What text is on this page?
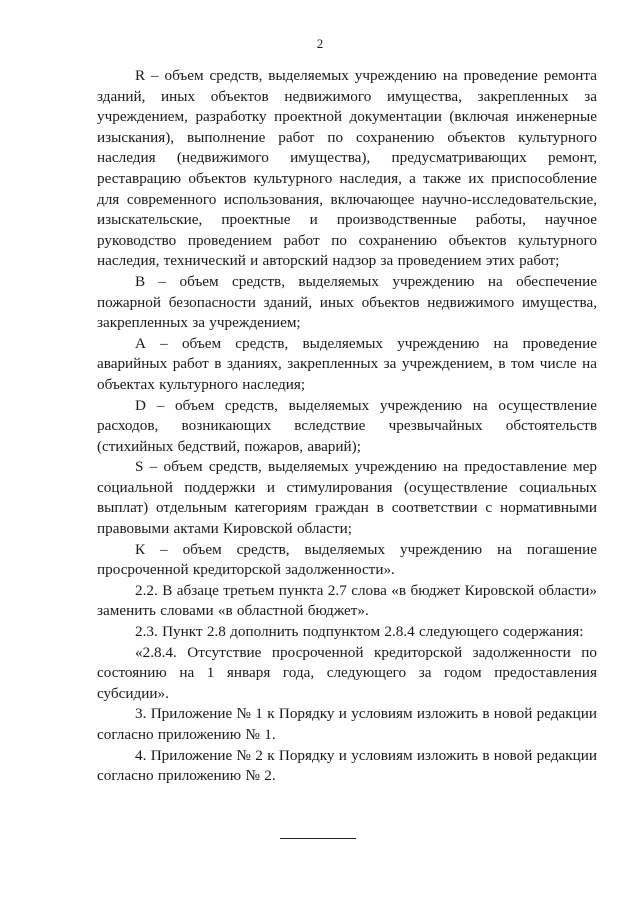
2

R – объем средств, выделяемых учреждению на проведение ремонта зданий, иных объектов недвижимого имущества, закрепленных за учреждением, разработку проектной документации (включая инженерные изыскания), выполнение работ по сохранению объектов культурного наследия (недвижимого имущества), предусматривающих ремонт, реставрацию объектов культурного наследия, а также их приспособление для современного использования, включающее научно-исследовательские, изыскательские, проектные и производственные работы, научное руководство проведением работ по сохранению объектов культурного наследия, технический и авторский надзор за проведением этих работ;

В – объем средств, выделяемых учреждению на обеспечение пожарной безопасности зданий, иных объектов недвижимого имущества, закрепленных за учреждением;

А – объем средств, выделяемых учреждению на проведение аварийных работ в зданиях, закрепленных за учреждением, в том числе на объектах культурного наследия;

D – объем средств, выделяемых учреждению на осуществление расходов, возникающих вследствие чрезвычайных обстоятельств (стихийных бедствий, пожаров, аварий);

S – объем средств, выделяемых учреждению на предоставление мер социальной поддержки и стимулирования (осуществление социальных выплат) отдельным категориям граждан в соответствии с нормативными правовыми актами Кировской области;

К – объем средств, выделяемых учреждению на погашение просроченной кредиторской задолженности».

2.2. В абзаце третьем пункта 2.7 слова «в бюджет Кировской области» заменить словами «в областной бюджет».

2.3. Пункт 2.8 дополнить подпунктом 2.8.4 следующего содержания:

«2.8.4. Отсутствие просроченной кредиторской задолженности по состоянию на 1 января года, следующего за годом предоставления субсидии».

3. Приложение № 1 к Порядку и условиям изложить в новой редакции согласно приложению № 1.

4. Приложение № 2 к Порядку и условиям изложить в новой редакции согласно приложению № 2.
